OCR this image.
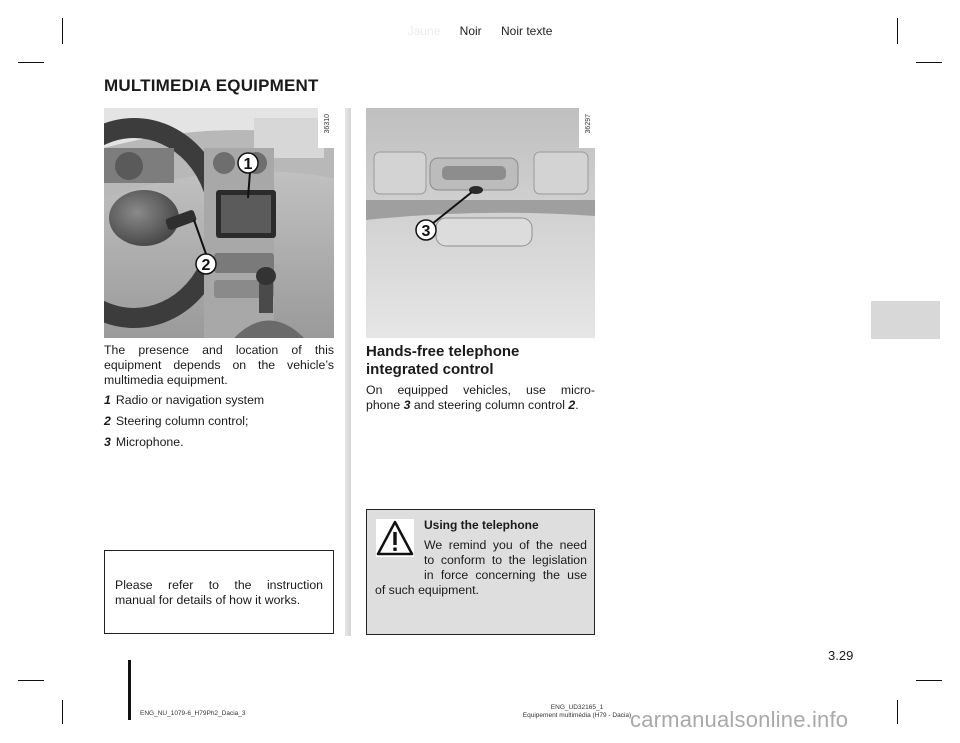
Jaune Noir Noir texte
MULTIMEDIA EQUIPMENT
1
2
36310
3
36297
The presence and location of this
equipment depends on the vehicle’s
multimedia equipment.
1 Radio or navigation system
2 Steering column control;
3 Microphone.
Hands-free telephone
integrated control
On equipped vehicles, use micro-
phone 3 and steering column control 2.
Please refer to the instruction
manual for details of how it works.
Using the telephone
We remind you of the need
to conform to the legislation
in force concerning the use
of such equipment.
3.29
ENG_NU_1079-6_H79Ph2_Dacia_3
ENG_UD32165_1
Equipement multimédia (H79 - Dacia)
carmanualsonline.info
